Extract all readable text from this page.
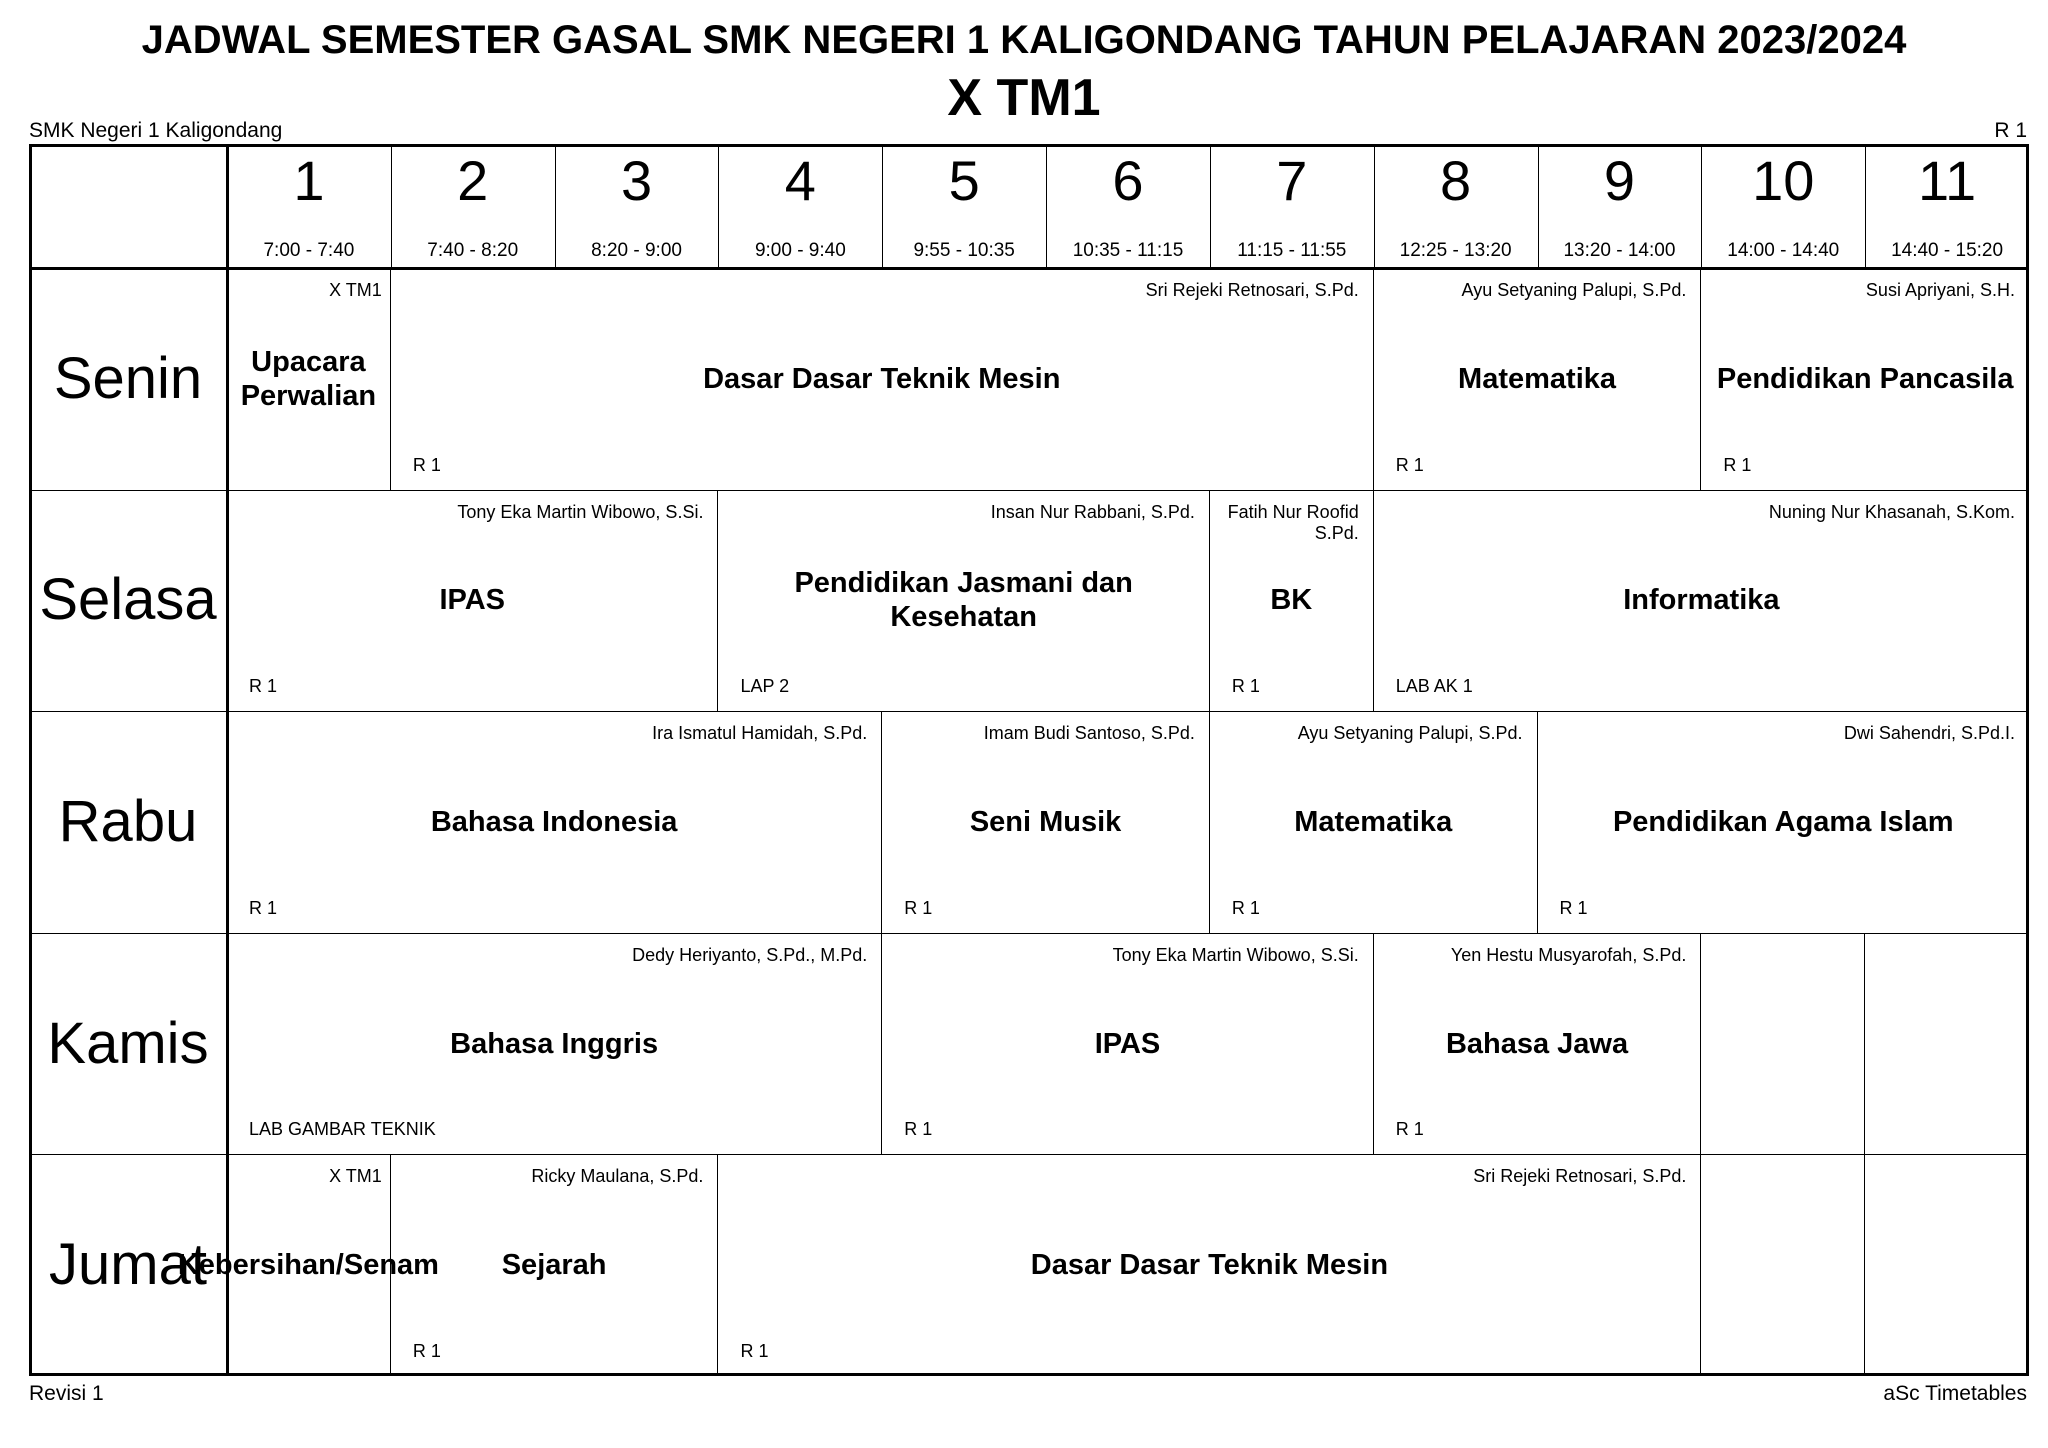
JADWAL SEMESTER GASAL SMK NEGERI 1 KALIGONDANG TAHUN PELAJARAN 2023/2024
X TM1
SMK Negeri 1 Kaligondang	R 1
1
7:00 - 7:40
2
7:40 - 8:20
3
8:20 - 9:00
4
9:00 - 9:40
5
9:55 - 10:35
6
10:35 - 11:15
7
11:15 - 11:55
8
12:25 - 13:20
9
13:20 - 14:00
10
14:00 - 14:40
11
14:40 - 15:20
Senin
X TM1
Upacara Perwalian
Sri Rejeki Retnosari, S.Pd.
Dasar Dasar Teknik Mesin
R 1
Ayu Setyaning Palupi, S.Pd.
Matematika
R 1
Susi Apriyani, S.H.
Pendidikan Pancasila
R 1
Selasa
Tony Eka Martin Wibowo, S.Si.
IPAS
R 1
Insan Nur Rabbani, S.Pd.
Pendidikan Jasmani dan Kesehatan
LAP 2
Fatih Nur Roofid S.Pd.
BK
R 1
Nuning Nur Khasanah, S.Kom.
Informatika
LAB AK 1
Rabu
Ira Ismatul Hamidah, S.Pd.
Bahasa Indonesia
R 1
Imam Budi Santoso, S.Pd.
Seni Musik
R 1
Ayu Setyaning Palupi, S.Pd.
Matematika
R 1
Dwi Sahendri, S.Pd.I.
Pendidikan Agama Islam
R 1
Kamis
Dedy Heriyanto, S.Pd., M.Pd.
Bahasa Inggris
LAB GAMBAR TEKNIK
Tony Eka Martin Wibowo, S.Si.
IPAS
R 1
Yen Hestu Musyarofah, S.Pd.
Bahasa Jawa
R 1
Jumat
X TM1
Kebersihan/Senam
Ricky Maulana, S.Pd.
Sejarah
R 1
Sri Rejeki Retnosari, S.Pd.
Dasar Dasar Teknik Mesin
R 1
Revisi 1	aSc Timetables
